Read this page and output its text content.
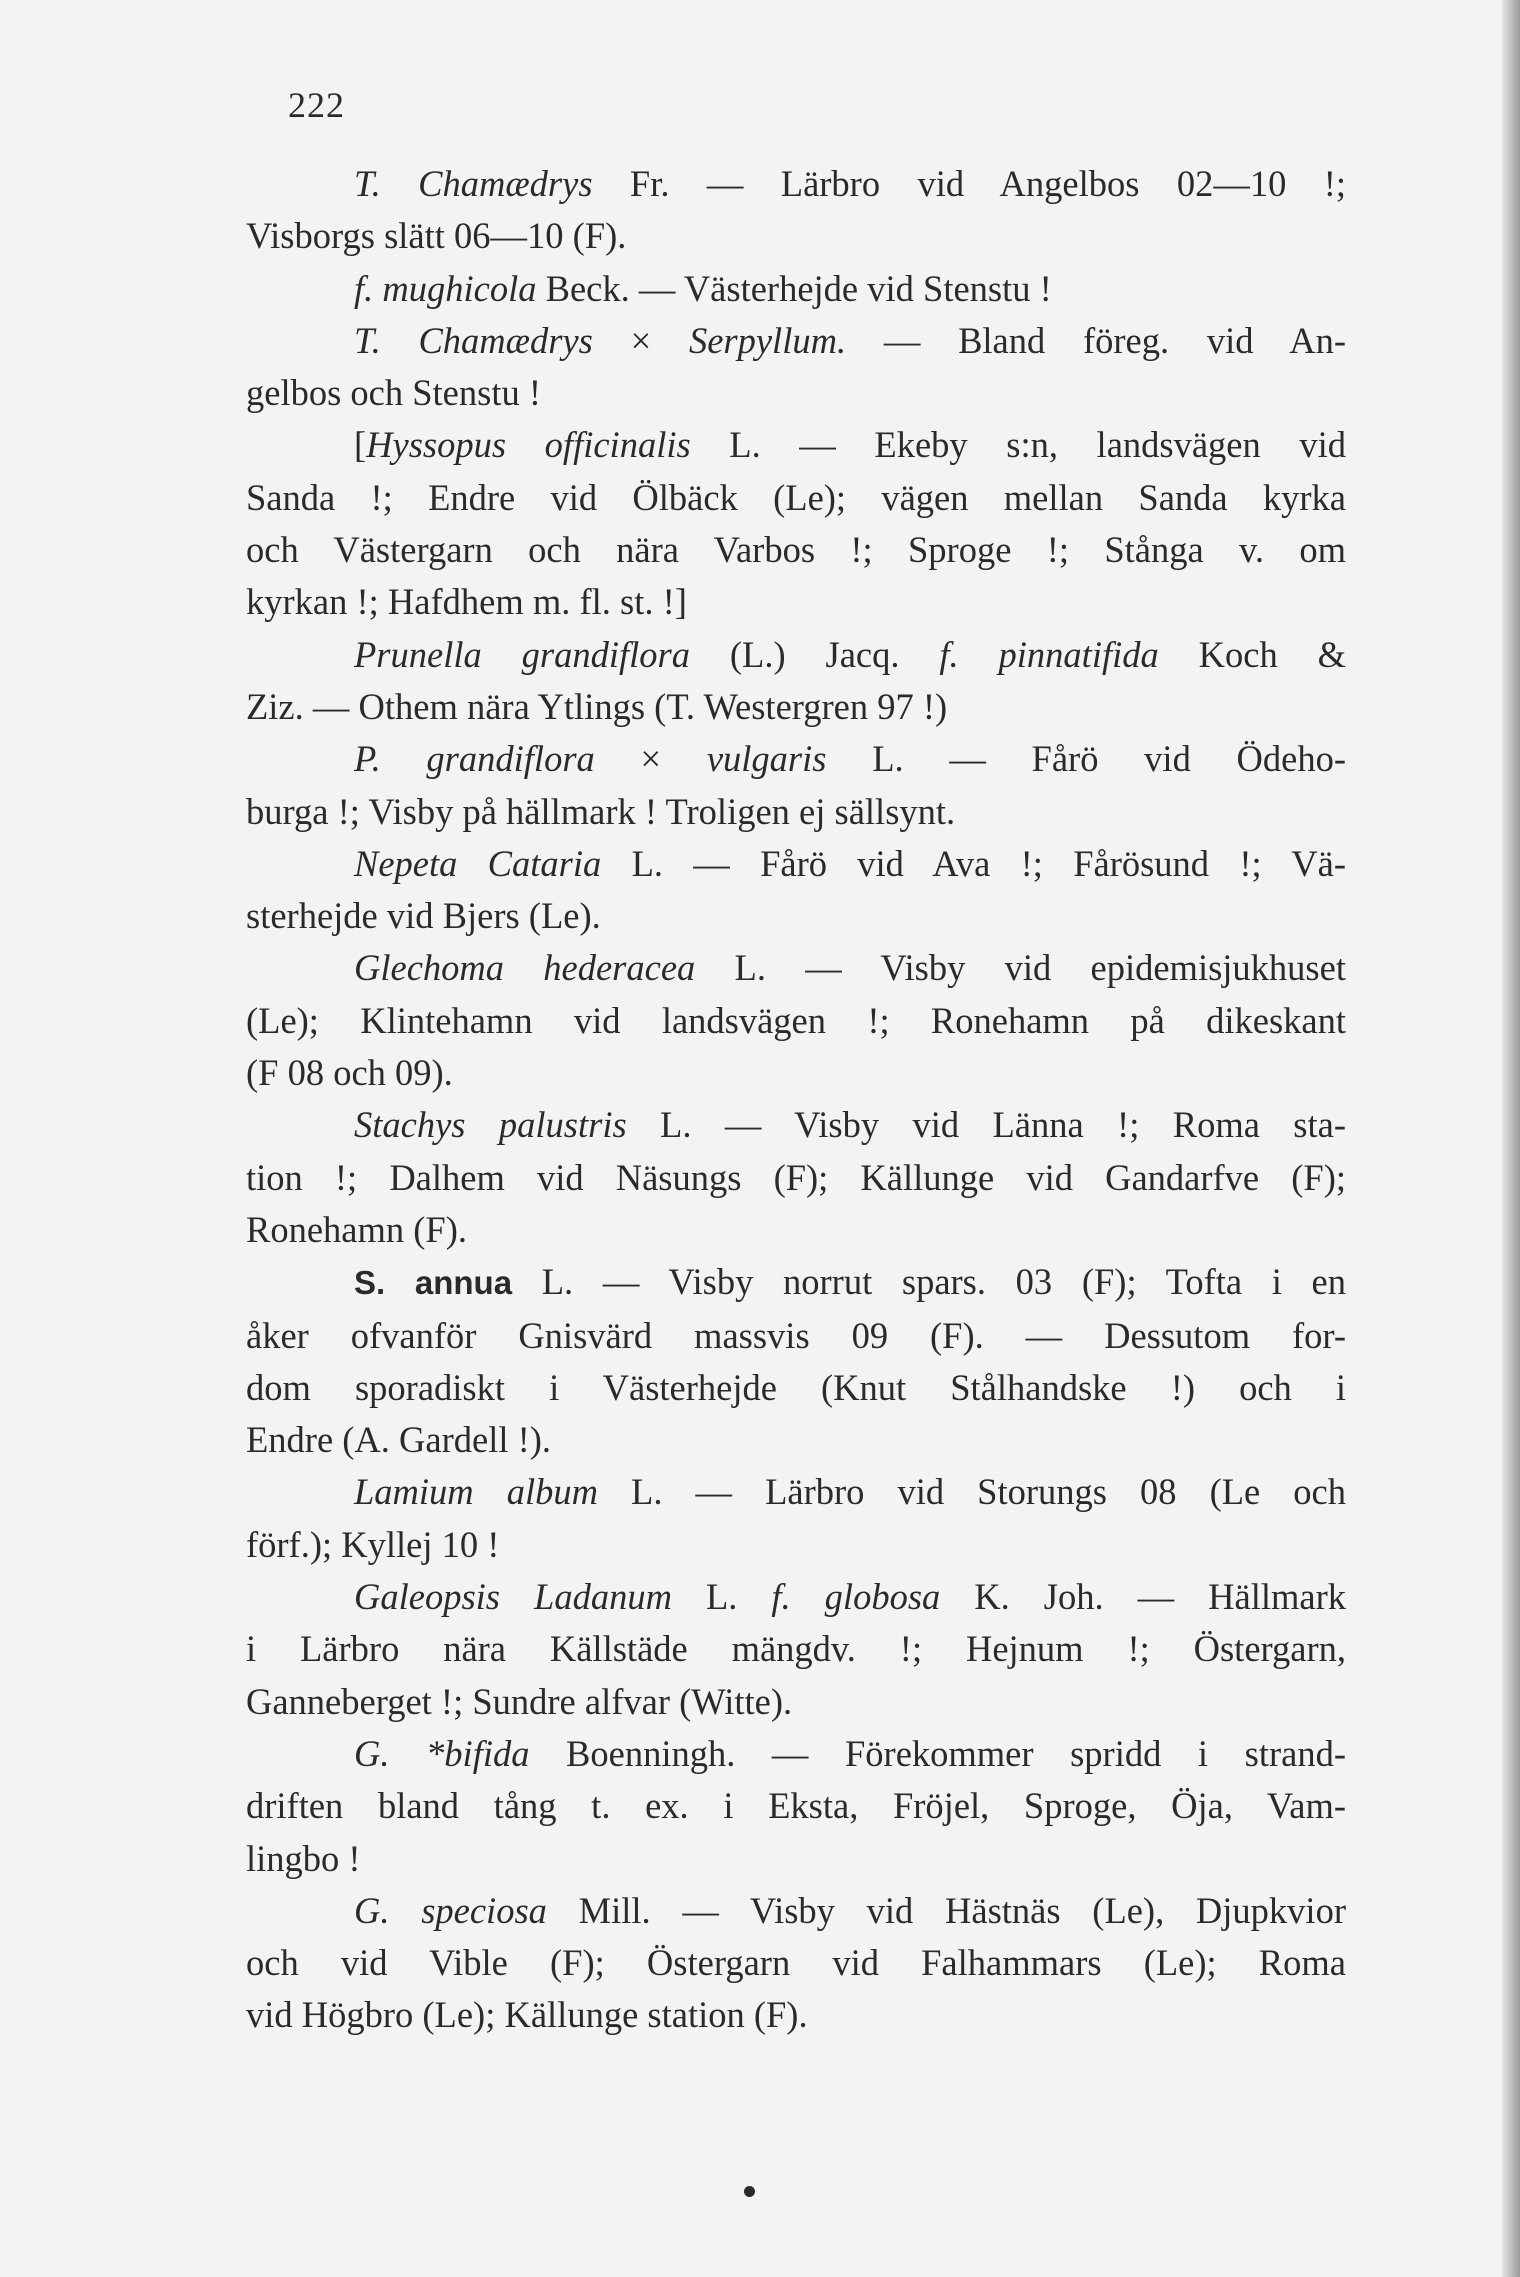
222

T. Chamædrys Fr. — Lärbro vid Angelbos 02—10 !;
Visborgs slätt 06—10 (F).

f. mughicola Beck. — Västerhejde vid Stenstu !

T. Chamædrys × Serpyllum. — Bland föreg. vid An-
gelbos och Stenstu !

[Hyssopus officinalis L. — Ekeby s:n, landsvägen vid
Sanda !; Endre vid Ölbäck (Le); vägen mellan Sanda kyrka
och Västergarn och nära Varbos !; Sproge !; Stånga v. om
kyrkan !; Hafdhem m. fl. st. !]

Prunella grandiflora (L.) Jacq. f. pinnatifida Koch &
Ziz. — Othem nära Ytlings (T. Westergren 97 !)

P. grandiflora × vulgaris L. — Fårö vid Ödeho-
burga !; Visby på hällmark ! Troligen ej sällsynt.

Nepeta Cataria L. — Fårö vid Ava !; Fårösund !; Vä-
sterhejde vid Bjers (Le).

Glechoma hederacea L. — Visby vid epidemisjukhuset
(Le); Klintehamn vid landsvägen !; Ronehamn på dikeskant
(F 08 och 09).

Stachys palustris L. — Visby vid Länna !; Roma sta-
tion !; Dalhem vid Näsungs (F); Källunge vid Gandarfve (F);
Ronehamn (F).

S. annua L. — Visby norrut spars. 03 (F); Tofta i en
åker ofvanför Gnisvärd massvis 09 (F). — Dessutom for-
dom sporadiskt i Västerhejde (Knut Stålhandske !) och i
Endre (A. Gardell !).

Lamium album L. — Lärbro vid Storungs 08 (Le och
förf.); Kyllej 10 !

Galeopsis Ladanum L. f. globosa K. Joh. — Hällmark
i Lärbro nära Källstäde mängdv. !; Hejnum !; Östergarn,
Ganneberget !; Sundre alfvar (Witte).

G. *bifida Boenningh. — Förekommer spridd i strand-
driften bland tång t. ex. i Eksta, Fröjel, Sproge, Öja, Vam-
lingbo !

G. speciosa Mill. — Visby vid Hästnäs (Le), Djupkvior
och vid Vible (F); Östergarn vid Falhammars (Le); Roma
vid Högbro (Le); Källunge station (F).
